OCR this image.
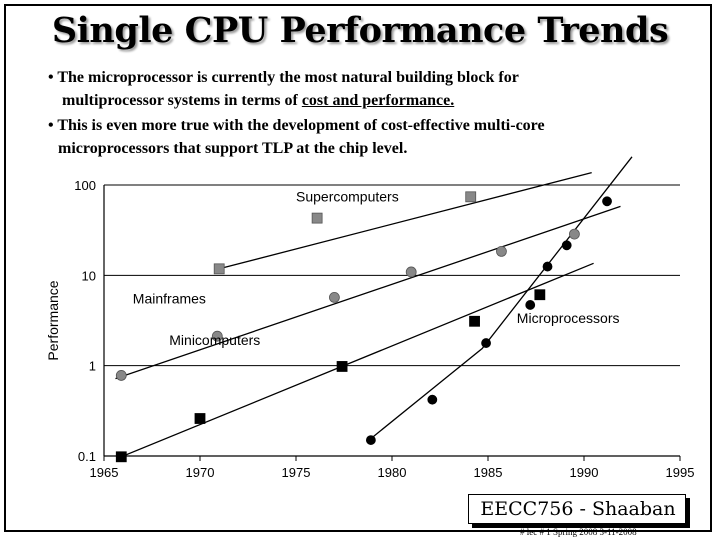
Single CPU Performance Trends
• The microprocessor is currently the most natural building block for
multiprocessor systems in terms of cost and performance.
• This is even more true with the development of cost-effective multi-core
microprocessors that support TLP at the chip level.
0.1
1
10
100
1965	1970	1975	1980	1985	1990	1995
Supercomputers
Mainframes
Minicomputers
Microprocessors
Performance
EECC756 - Shaaban
# lec # 1 Spring 2008 3-11-2008
